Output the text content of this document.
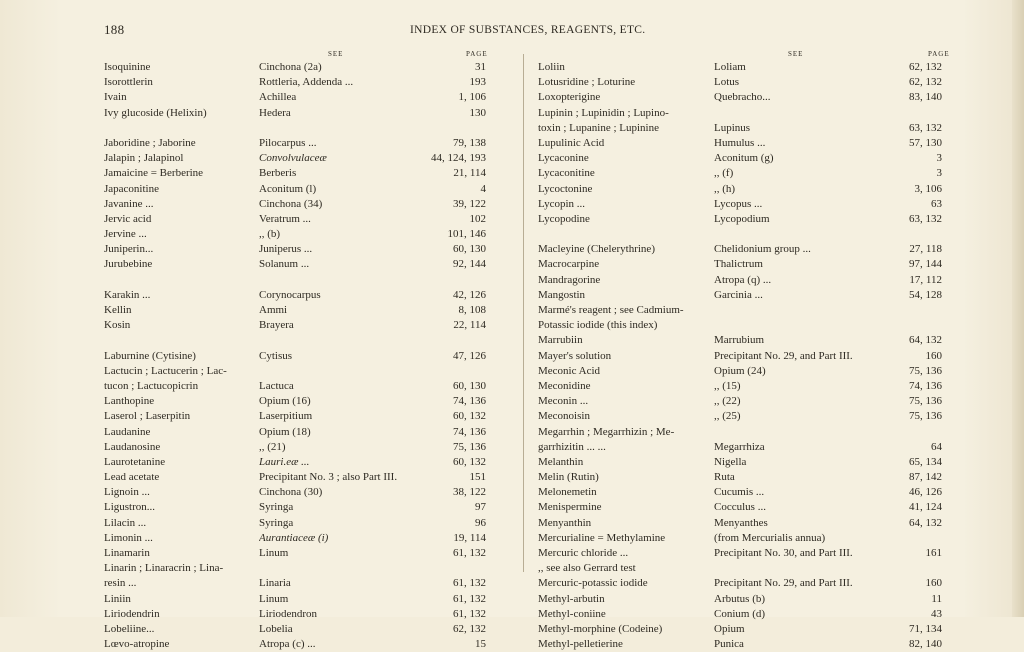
188	INDEX OF SUBSTANCES, REAGENTS, ETC.
SEE	PAGE	SEE	PAGE
Isoquinine	Cinchona (2a)	31
Isorottlerin	Rottleria, Addenda ...	193
Ivain	Achillea	1, 106
Ivy glucoside (Helixin)	Hedera	130
Jaboridine ; Jaborine	Pilocarpus ...	79, 138
Jalapin ; Jalapinol	Convolvulaceæ	44, 124, 193
Jamaicine = Berberine	Berberis	21, 114
Japaconitine	Aconitum (l)	4
Javanine ...	Cinchona (34)	39, 122
Jervic acid	Veratrum ...	102
Jervine ...	,, (b)	101, 146
Juniperin...	Juniperus ...	60, 130
Jurubebine	Solanum ...	92, 144
Karakin ...	Corynocarpus	42, 126
Kellin	Ammi	8, 108
Kosin	Brayera	22, 114
Laburnine (Cytisine)	Cytisus	47, 126
Lactucin ; Lactucerin ; Lac-
tucon ; Lactucopicrin	Lactuca	60, 130
Lanthopine	Opium (16)	74, 136
Laserol ; Laserpitin	Laserpitium	60, 132
Laudanine	Opium (18)	74, 136
Laudanosine	,, (21)	75, 136
Laurotetanine	Lauri.eæ ...	60, 132
Lead acetate	Precipitant No. 3 ; also Part III.	151
Lignoin ...	Cinchona (30)	38, 122
Ligustron...	Syringa	97
Lilacin ...	Syringa	96
Limonin ...	Aurantiaceæ (i)	19, 114
Linamarin	Linum	61, 132
Linarin ; Linaracrin ; Lina-
resin ...	Linaria	61, 132
Liniin	Linum	61, 132
Liriodendrin	Liriodendron	61, 132
Lobeliine...	Lobelia	62, 132
Lœvo-atropine	Atropa (c) ...	15
Loliin	Loliam	62, 132
Lotusridine ; Loturine	Lotus	62, 132
Loxopterigine	Quebracho...	83, 140
Lupinin ; Lupinidin ; Lupino-
toxin ; Lupanine ; Lupinine	Lupinus	63, 132
Lupulinic Acid	Humulus ...	57, 130
Lycaconine	Aconitum (g)	3
Lycaconitine	,, (f)	3
Lycoctonine	,, (h)	3, 106
Lycopin ...	Lycopus ...	63
Lycopodine	Lycopodium	63, 132
Macleyine (Chelerythrine)	Chelidonium group ...	27, 118
Macrocarpine	Thalictrum	97, 144
Mandragorine	Atropa (q) ...	17, 112
Mangostin	Garcinia ...	54, 128
Marmé's reagent ; see Cadmium-
Potassic iodide (this index)
Marrubiin	Marrubium	64, 132
Mayer's solution	Precipitant No. 29, and Part III.	160
Meconic Acid	Opium (24)	75, 136
Meconidine	,, (15)	74, 136
Meconin ...	,, (22)	75, 136
Meconoisin	,, (25)	75, 136
Megarrhin ; Megarrhizin ; Me-
garrhizitin ... ...	Megarrhiza	64
Melanthin	Nigella	65, 134
Melin (Rutin)	Ruta	87, 142
Melonemetin	Cucumis ...	46, 126
Menispermine	Cocculus ...	41, 124
Menyanthin	Menyanthes	64, 132
Mercurialine = Methylamine	(from Mercurialis annua)
Mercuric chloride ...	Precipitant No. 30, and Part III.	161
,, see also Gerrard test
Mercuric-potassic iodide	Precipitant No. 29, and Part III.	160
Methyl-arbutin	Arbutus (b)	11
Methyl-coniine	Conium (d)	43
Methyl-morphine (Codeine)	Opium	71, 134
Methyl-pelletierine	Punica	82, 140
